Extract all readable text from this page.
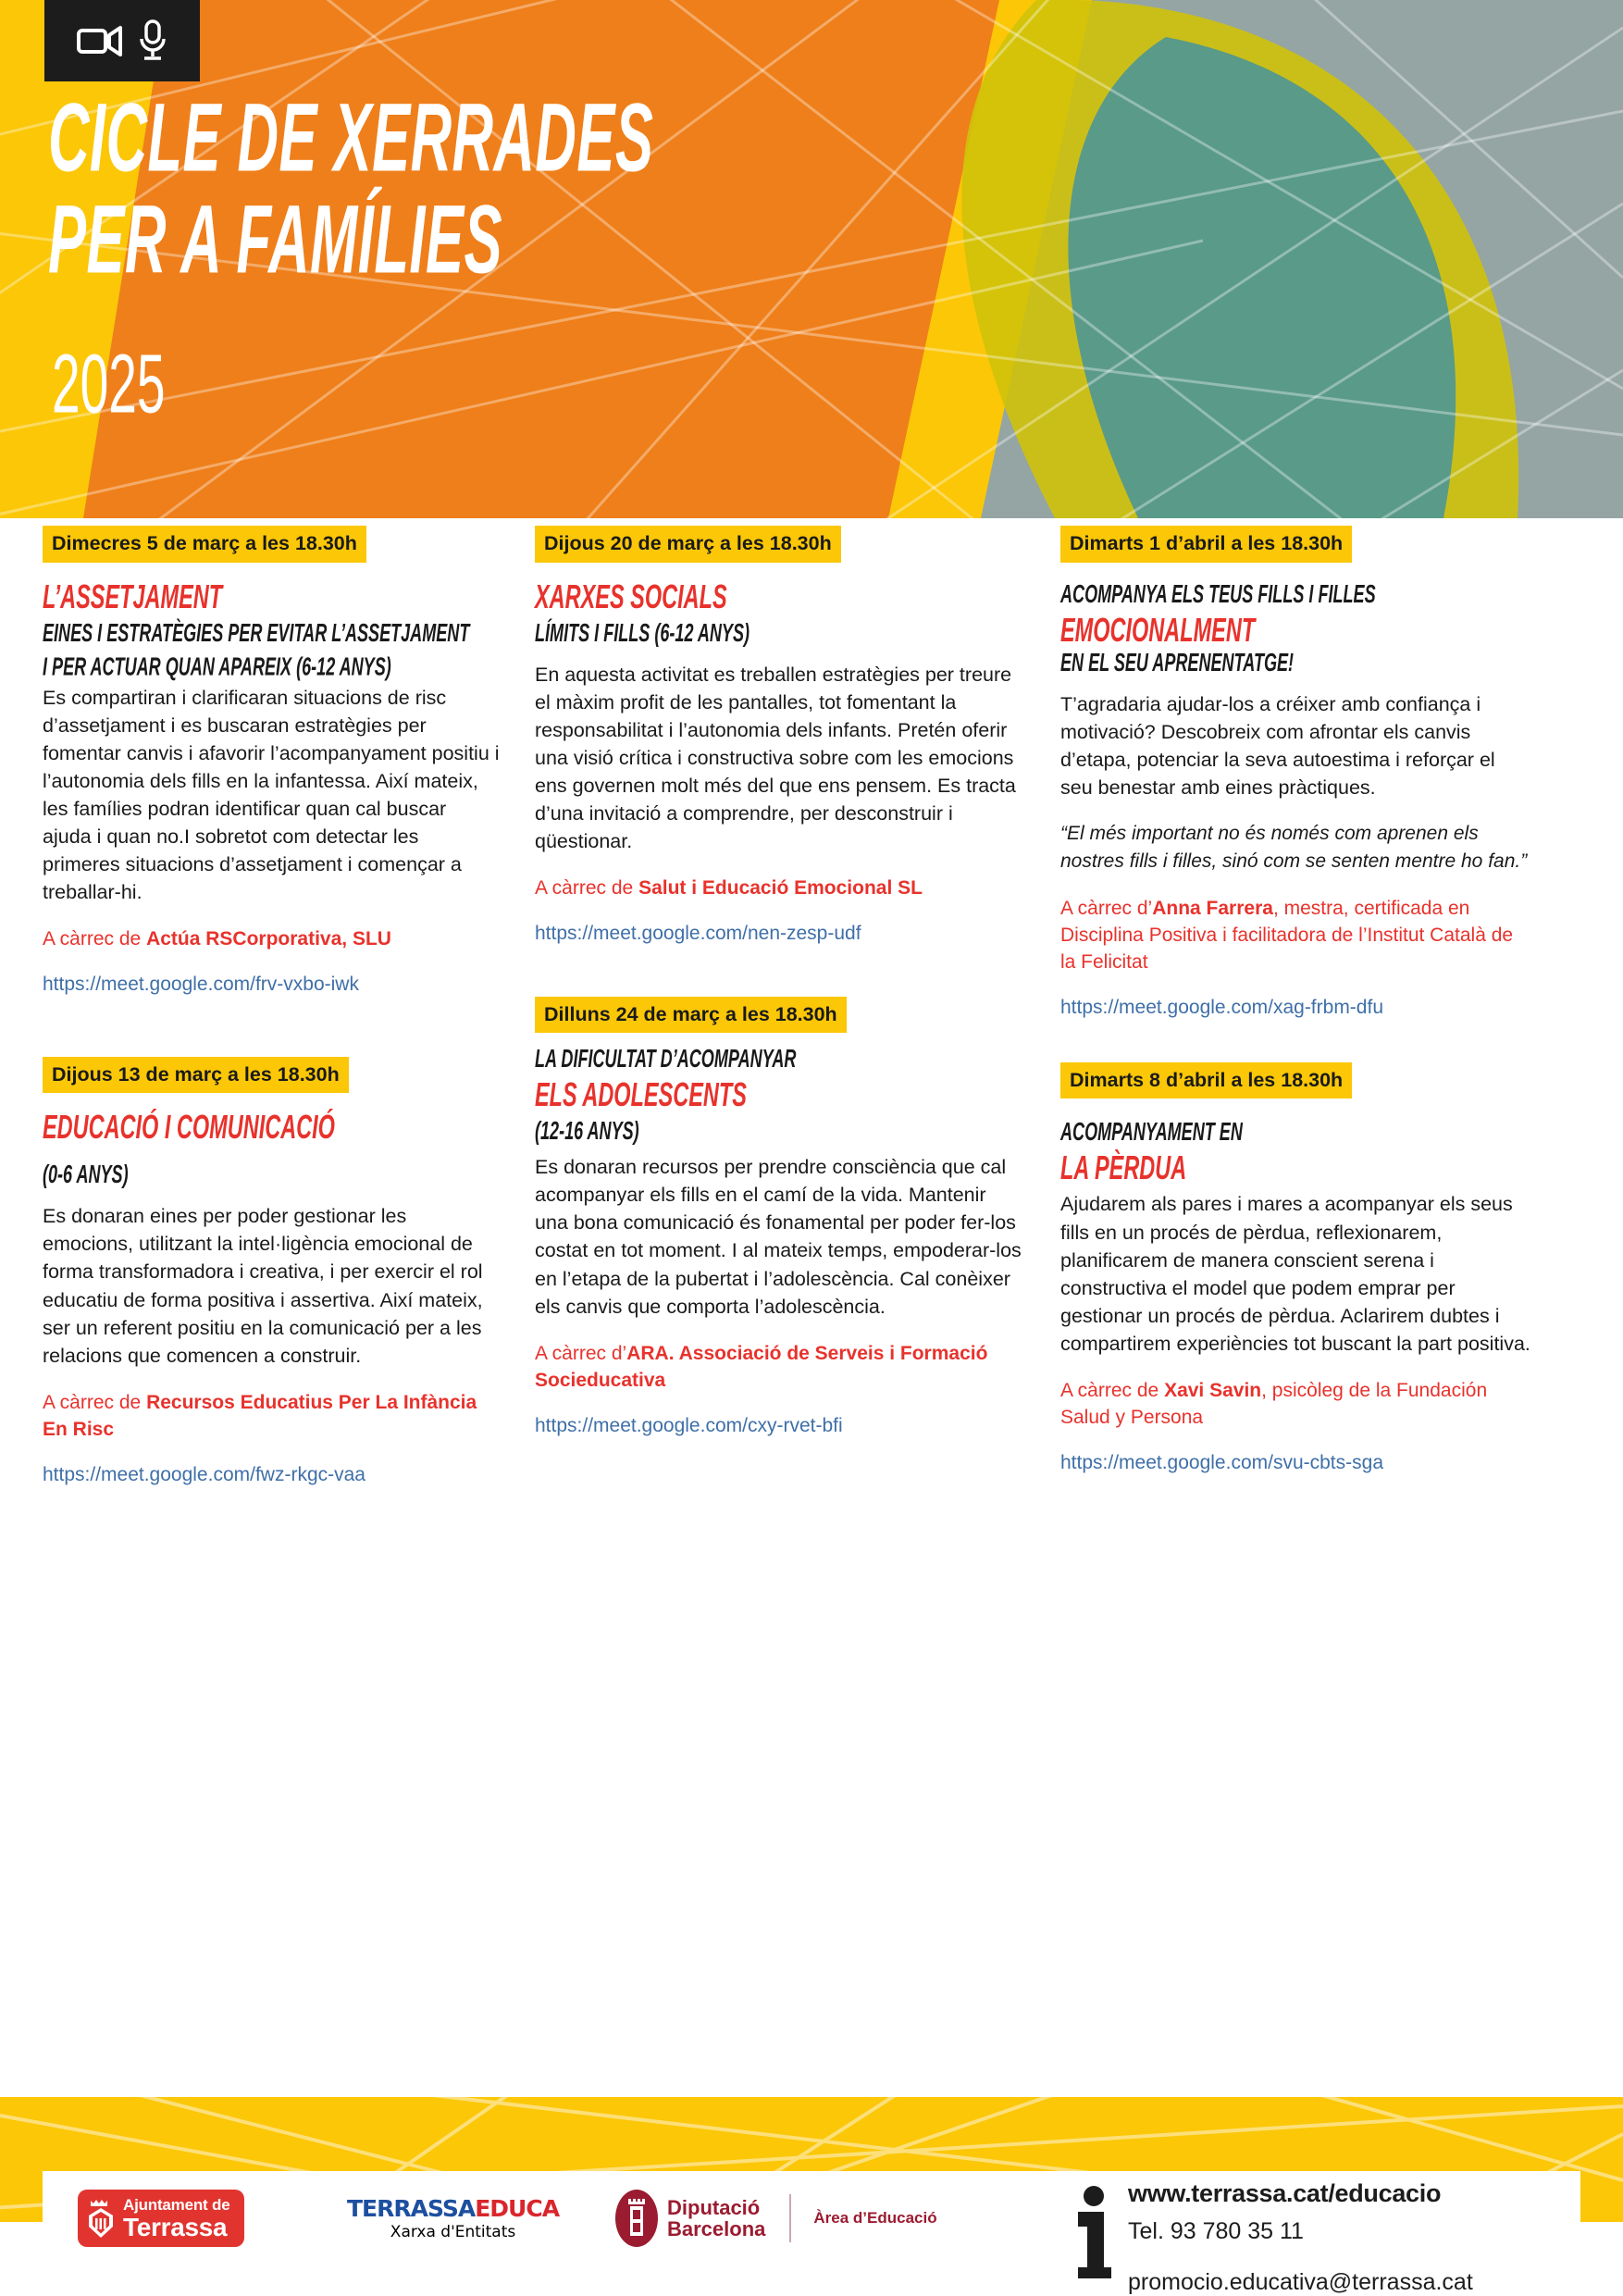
CICLE DE XERRADES
PER A FAMÍLIES
2025
Dimecres 5 de març a les 18.30h
L’ASSETJAMENT
EINES I ESTRATÈGIES PER EVITAR L’ASSETJAMENT I PER ACTUAR QUAN APAREIX (6-12 ANYS)
Es compartiran i clarificaran situacions de risc d’assetjament i es buscaran estratègies per fomentar canvis i afavorir l’acompanyament positiu i l’autonomia dels fills en la infantessa. Així mateix, les famílies podran identificar quan cal buscar ajuda i quan no.I sobretot com detectar les primeres situacions d’assetjament i començar a treballar-hi.
A càrrec de Actúa RSCorporativa, SLU
https://meet.google.com/frv-vxbo-iwk
Dijous 13 de març a les 18.30h
EDUCACIÓ I COMUNICACIÓ
(0-6 ANYS)
Es donaran eines per poder gestionar les emocions, utilitzant la intel·ligència emocional de forma transformadora i creativa, i per exercir el rol educatiu de forma positiva i assertiva. Així mateix, ser un referent positiu en la comunicació per a les relacions que comencen a construir.
A càrrec de Recursos Educatius Per La Infància En Risc
https://meet.google.com/fwz-rkgc-vaa
Dijous 20 de març a les 18.30h
XARXES SOCIALS
LÍMITS I FILLS (6-12 ANYS)
En aquesta activitat es treballen estratègies per treure el màxim profit de les pantalles, tot fomentant la responsabilitat i l’autonomia dels infants. Pretén oferir una visió crítica i constructiva sobre com les emocions ens governen molt més del que ens pensem. Es tracta d’una invitació a comprendre, per desconstruir i qüestionar.
A càrrec de Salut i Educació Emocional SL
https://meet.google.com/nen-zesp-udf
Dilluns 24 de març a les 18.30h
LA DIFICULTAT D’ACOMPANYAR
ELS ADOLESCENTS
(12-16 ANYS)
Es donaran recursos per prendre consciència que cal acompanyar els fills en el camí de la vida. Mantenir una bona comunicació és fonamental per poder fer-los costat en tot moment. I al mateix temps, empoderar-los en l’etapa de la pubertat i l’adolescència. Cal conèixer els canvis que comporta l’adolescència.
A càrrec d’ARA. Associació de Serveis i Formació Socieducativa
https://meet.google.com/cxy-rvet-bfi
Dimarts 1 d’abril a les 18.30h
ACOMPANYA ELS TEUS FILLS I FILLES
EMOCIONALMENT
EN EL SEU APRENENTATGE!
T’agradaria ajudar-los a créixer amb confiança i motivació? Descobreix com afrontar els canvis d’etapa, potenciar la seva autoestima i reforçar el seu benestar amb eines pràctiques.
“El més important no és només com aprenen els nostres fills i filles, sinó com se senten mentre ho fan.”
A càrrec d’Anna Farrera, mestra, certificada en Disciplina Positiva i facilitadora de l’Institut Català de la Felicitat
https://meet.google.com/xag-frbm-dfu
Dimarts 8 d’abril a les 18.30h
ACOMPANYAMENT EN
LA PÈRDUA
Ajudarem als pares i mares a acompanyar els seus fills en un procés de pèrdua, reflexionarem, planificarem de manera conscient serena i constructiva el model que podem emprar per gestionar un procés de pèrdua. Aclarirem dubtes i compartirem experiències tot buscant la part positiva.
A càrrec de Xavi Savin, psicòleg de la Fundación Salud y Persona
https://meet.google.com/svu-cbts-sga
Ajuntament de
Terrassa
TERRASSAEDUCA
Xarxa d'Entitats
Diputació
Barcelona	Àrea d’Educació
www.terrassa.cat/educacio
Tel. 93 780 35 11
promocio.educativa@terrassa.cat
